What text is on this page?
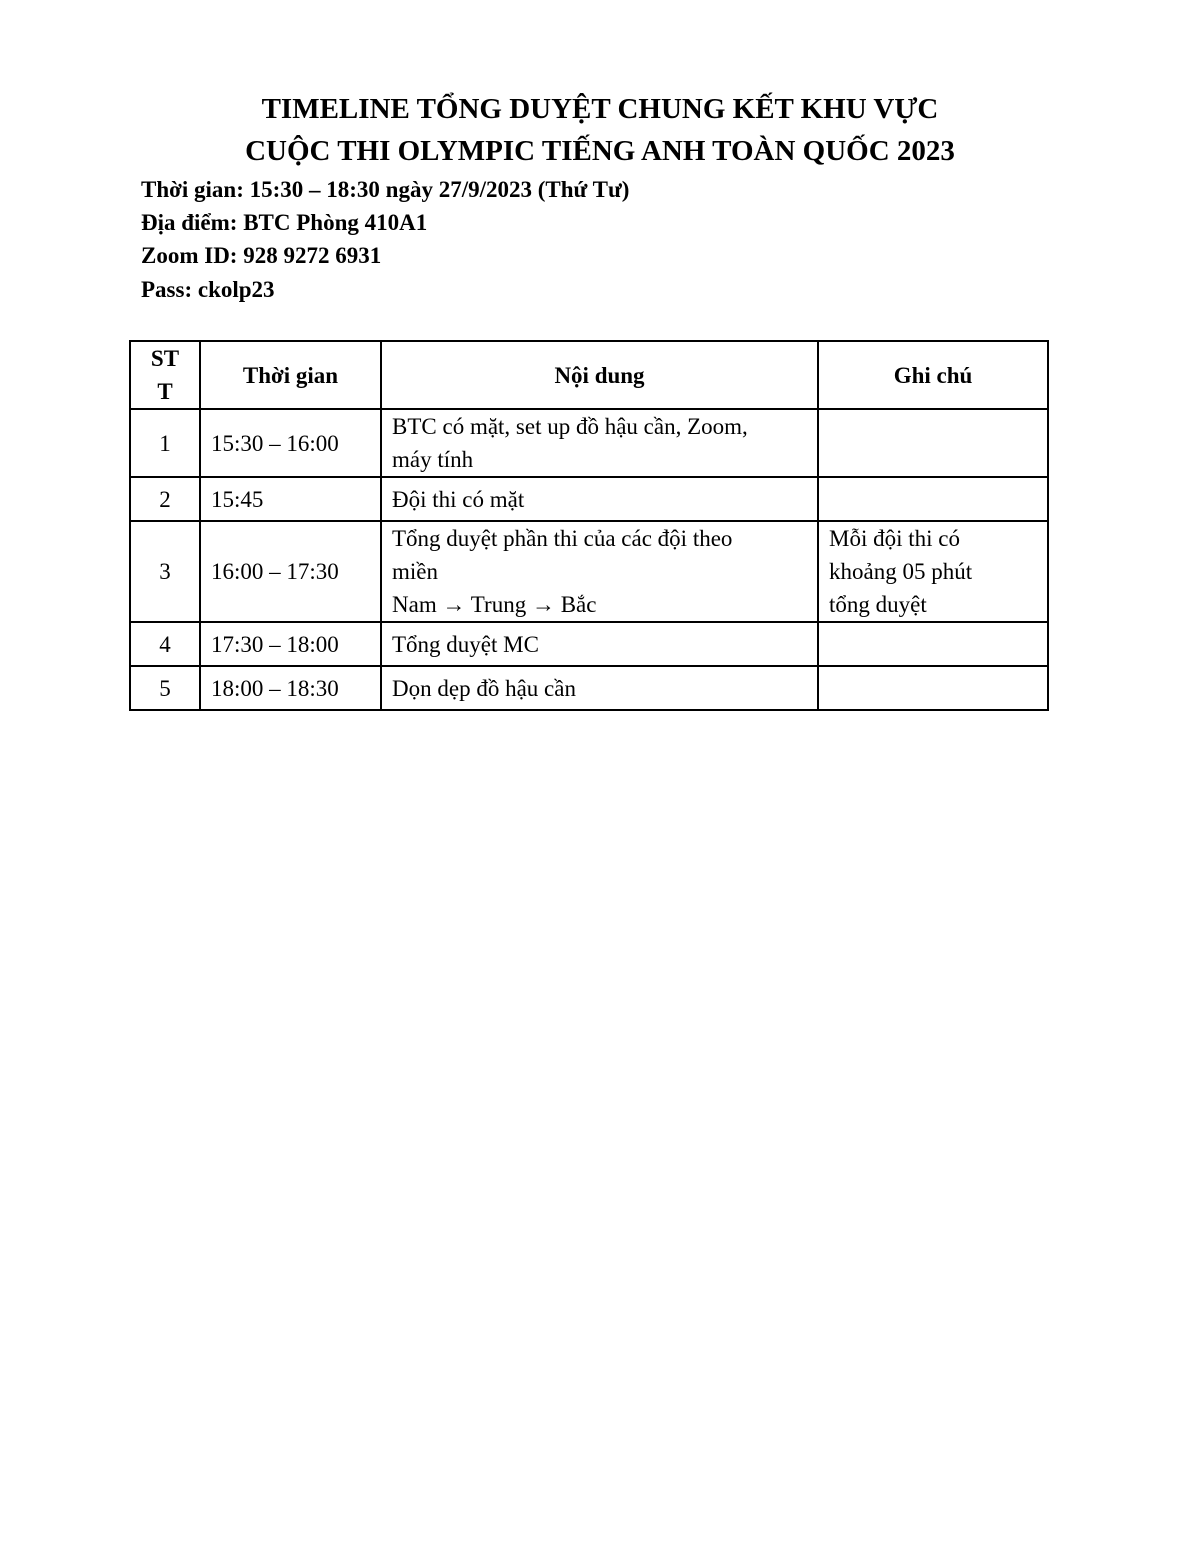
TIMELINE TỔNG DUYỆT CHUNG KẾT KHU VỰC
CUỘC THI OLYMPIC TIẾNG ANH TOÀN QUỐC 2023
Thời gian: 15:30 – 18:30 ngày 27/9/2023 (Thứ Tư)
Địa điểm: BTC Phòng 410A1
Zoom ID: 928 9272 6931
Pass: ckolp23
ST
T	Thời gian	Nội dung	Ghi chú
1	15:30 – 16:00	BTC có mặt, set up đồ hậu cần, Zoom,
máy tính	

2	15:45	Đội thi có mặt	
3	16:00 – 17:30	Tổng duyệt phần thi của các đội theo
miền
Nam → Trung → Bắc	Mỗi đội thi có
khoảng 05 phút
tổng duyệt

4	17:30 – 18:00	Tổng duyệt MC	
5	18:00 – 18:30	Dọn dẹp đồ hậu cần	
